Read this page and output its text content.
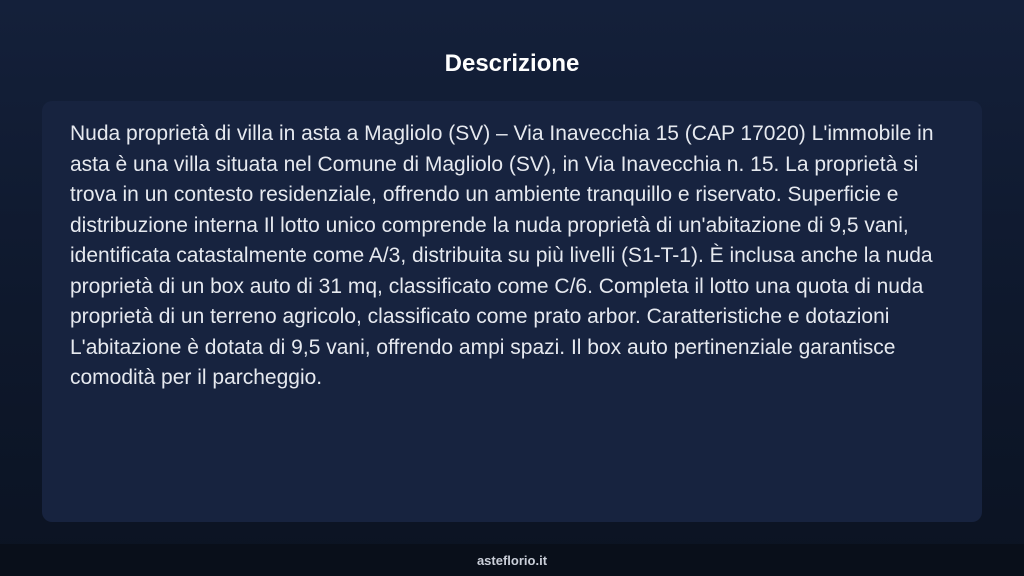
Descrizione

Nuda proprietà di villa in asta a Magliolo (SV) – Via Inavecchia 15 (CAP 17020) L'immobile in asta è una villa situata nel Comune di Magliolo (SV), in Via Inavecchia n. 15. La proprietà si trova in un contesto residenziale, offrendo un ambiente tranquillo e riservato. Superficie e distribuzione interna Il lotto unico comprende la nuda proprietà di un'abitazione di 9,5 vani, identificata catastalmente come A/3, distribuita su più livelli (S1-T-1). È inclusa anche la nuda proprietà di un box auto di 31 mq, classificato come C/6. Completa il lotto una quota di nuda proprietà di un terreno agricolo, classificato come prato arbor. Caratteristiche e dotazioni L'abitazione è dotata di 9,5 vani, offrendo ampi spazi. Il box auto pertinenziale garantisce comodità per il parcheggio.

asteflorio.it
